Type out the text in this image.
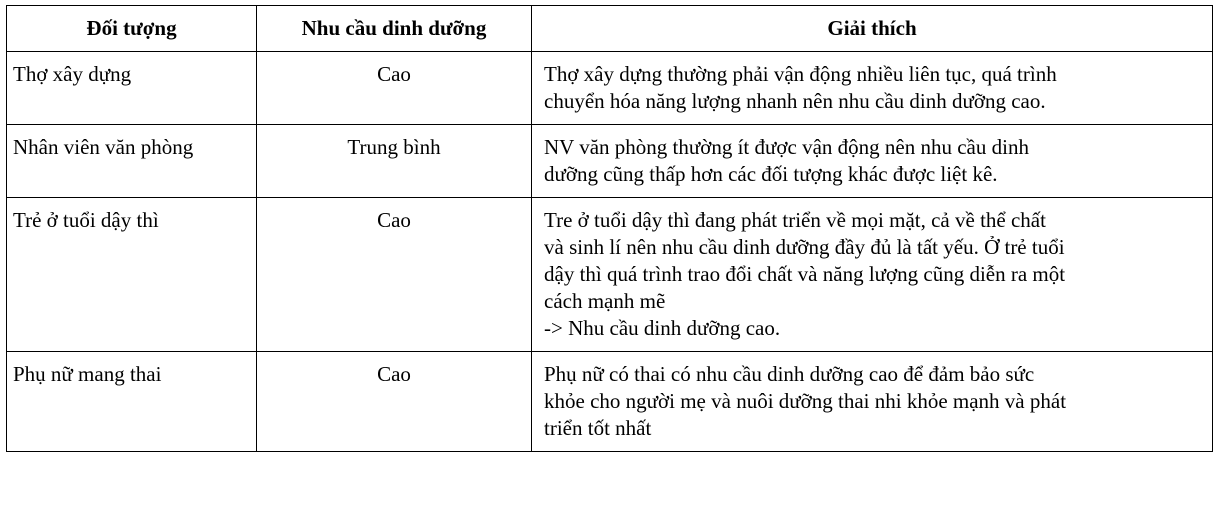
Đối tượng	Nhu cầu dinh dưỡng	Giải thích
Thợ xây dựng	Cao	Thợ xây dựng thường phải vận động nhiều liên tục, quá trình
chuyển hóa năng lượng nhanh nên nhu cầu dinh dưỡng cao.

Nhân viên văn phòng	Trung bình	NV văn phòng thường ít được vận động nên nhu cầu dinh
dưỡng cũng thấp hơn các đối tượng khác được liệt kê.

Trẻ ở tuổi dậy thì	Cao	Tre ở tuổi dậy thì đang phát triển về mọi mặt, cả về thể chất
và sinh lí nên nhu cầu dinh dưỡng đầy đủ là tất yếu. Ở trẻ tuổi
dậy thì quá trình trao đổi chất và năng lượng cũng diễn ra một
cách mạnh mẽ
-> Nhu cầu dinh dưỡng cao.

Phụ nữ mang thai	Cao	Phụ nữ có thai có nhu cầu dinh dưỡng cao để đảm bảo sức
khỏe cho người mẹ và nuôi dưỡng thai nhi khỏe mạnh và phát
triển tốt nhất
